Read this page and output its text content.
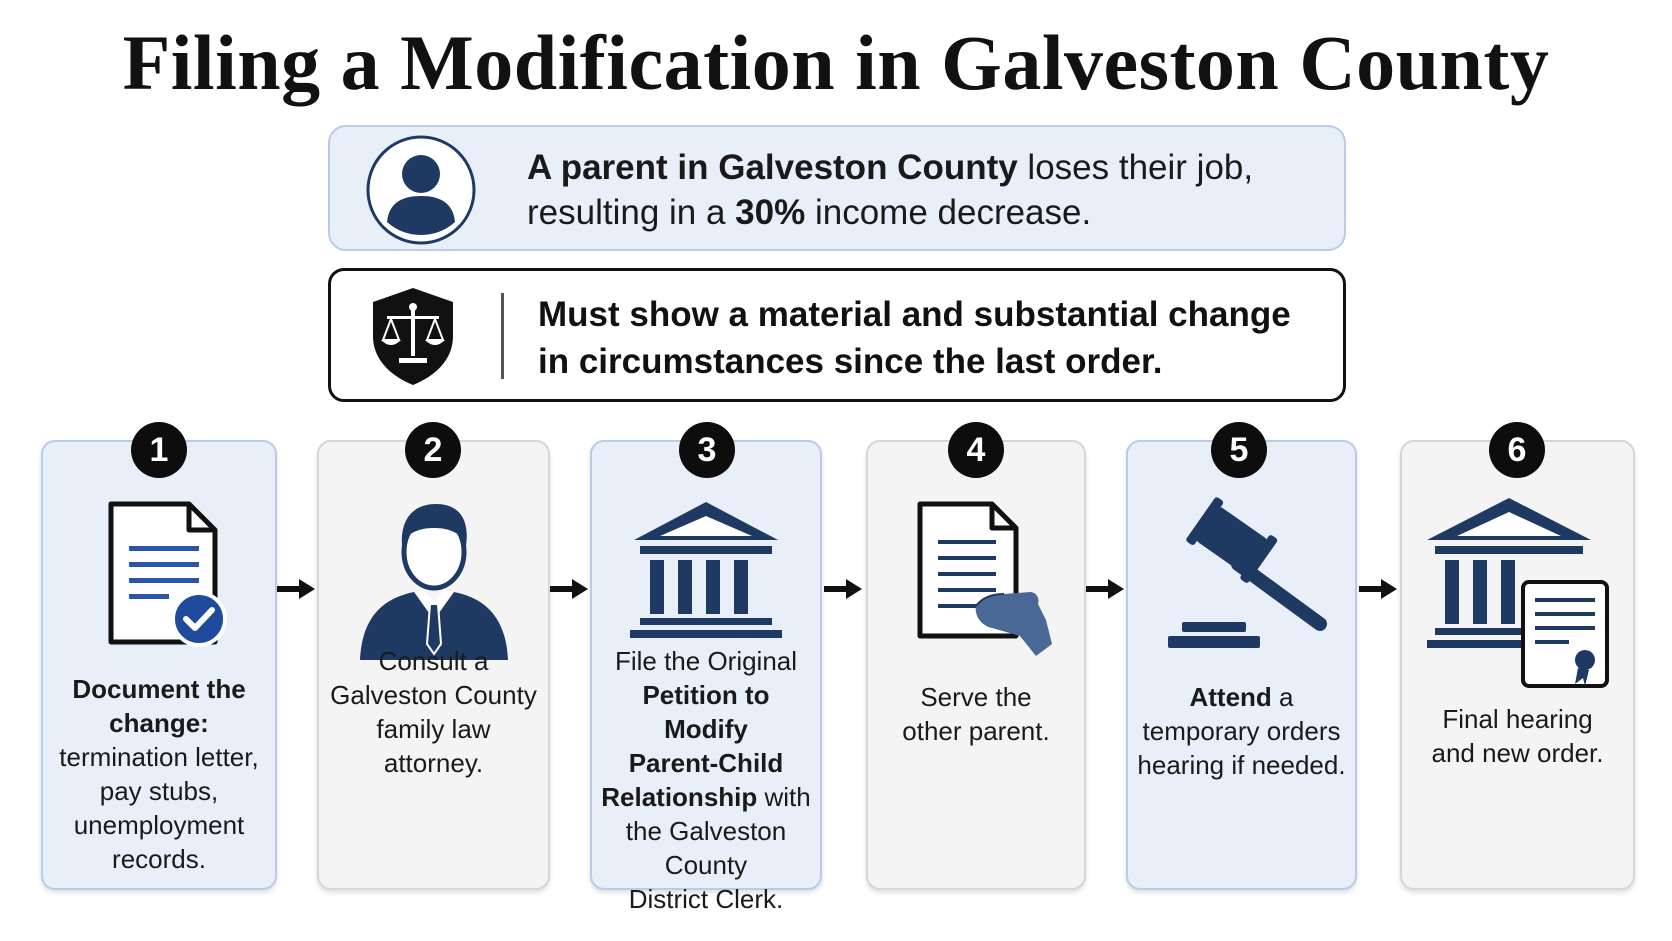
Filing a Modification in Galveston County
A parent in Galveston County loses their job,
resulting in a 30% income decrease.
Must show a material and substantial change
in circumstances since the last order.
Document the change:
termination letter, pay stubs, unemployment records.
1
Consult a
Galveston County
family law
attorney.
2
File the Original
Petition to Modify
Parent-Child
Relationship with
the Galveston County
District Clerk.
3
Serve the
other parent.
4
Attend a
temporary orders
hearing if needed.
5
Final hearing
and new order.
6
